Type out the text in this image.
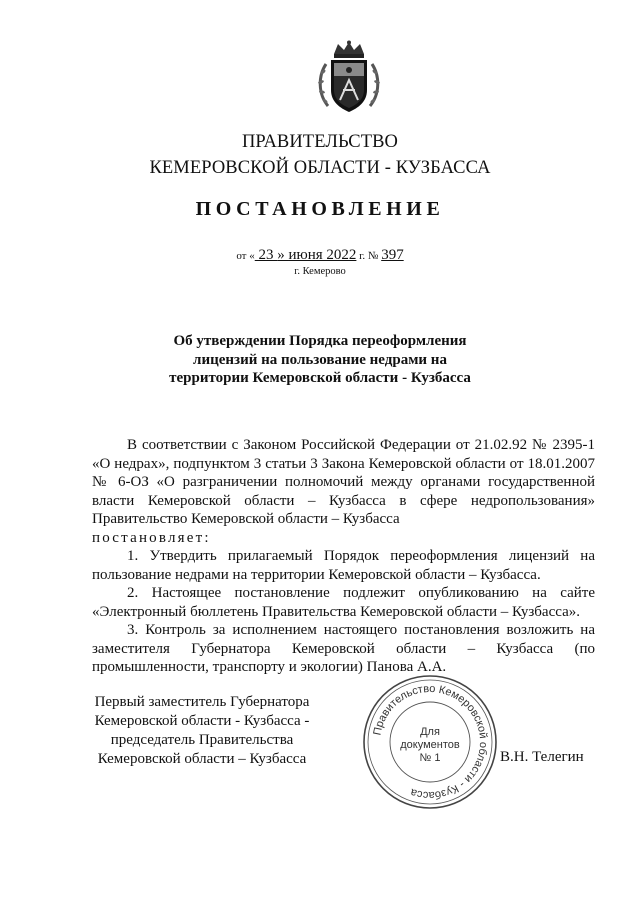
ПРАВИТЕЛЬСТВО
КЕМЕРОВСКОЙ ОБЛАСТИ - КУЗБАССА
ПОСТАНОВЛЕНИЕ
от « 23 » июня 2022 г. № 397
г. Кемерово
Об утверждении Порядка переоформления
лицензий на пользование недрами на
территории Кемеровской области - Кузбасса

В соответствии с Законом Российской Федерации от 21.02.92 № 2395-1 «О недрах», подпунктом 3 статьи 3 Закона Кемеровской области от 18.01.2007 № 6-ОЗ «О разграничении полномочий между органами государственной власти Кемеровской области – Кузбасса в сфере недропользования» Правительство Кемеровской области – Кузбасса

постановляет:

1. Утвердить прилагаемый Порядок переоформления лицензий на пользование недрами на территории Кемеровской области – Кузбасса.

2. Настоящее постановление подлежит опубликованию на сайте «Электронный бюллетень Правительства Кемеровской области – Кузбасса».

3. Контроль за исполнением настоящего постановления возложить на заместителя Губернатора Кемеровской области – Кузбасса (по промышленности, транспорту и экологии) Панова А.А.

Первый заместитель Губернатора
Кемеровской области - Кузбасса -
председатель Правительства
Кемеровской области – Кузбасса
Правительство Кемеровской области - Кузбасса
Для
документов
№ 1	В.Н. Телегин
